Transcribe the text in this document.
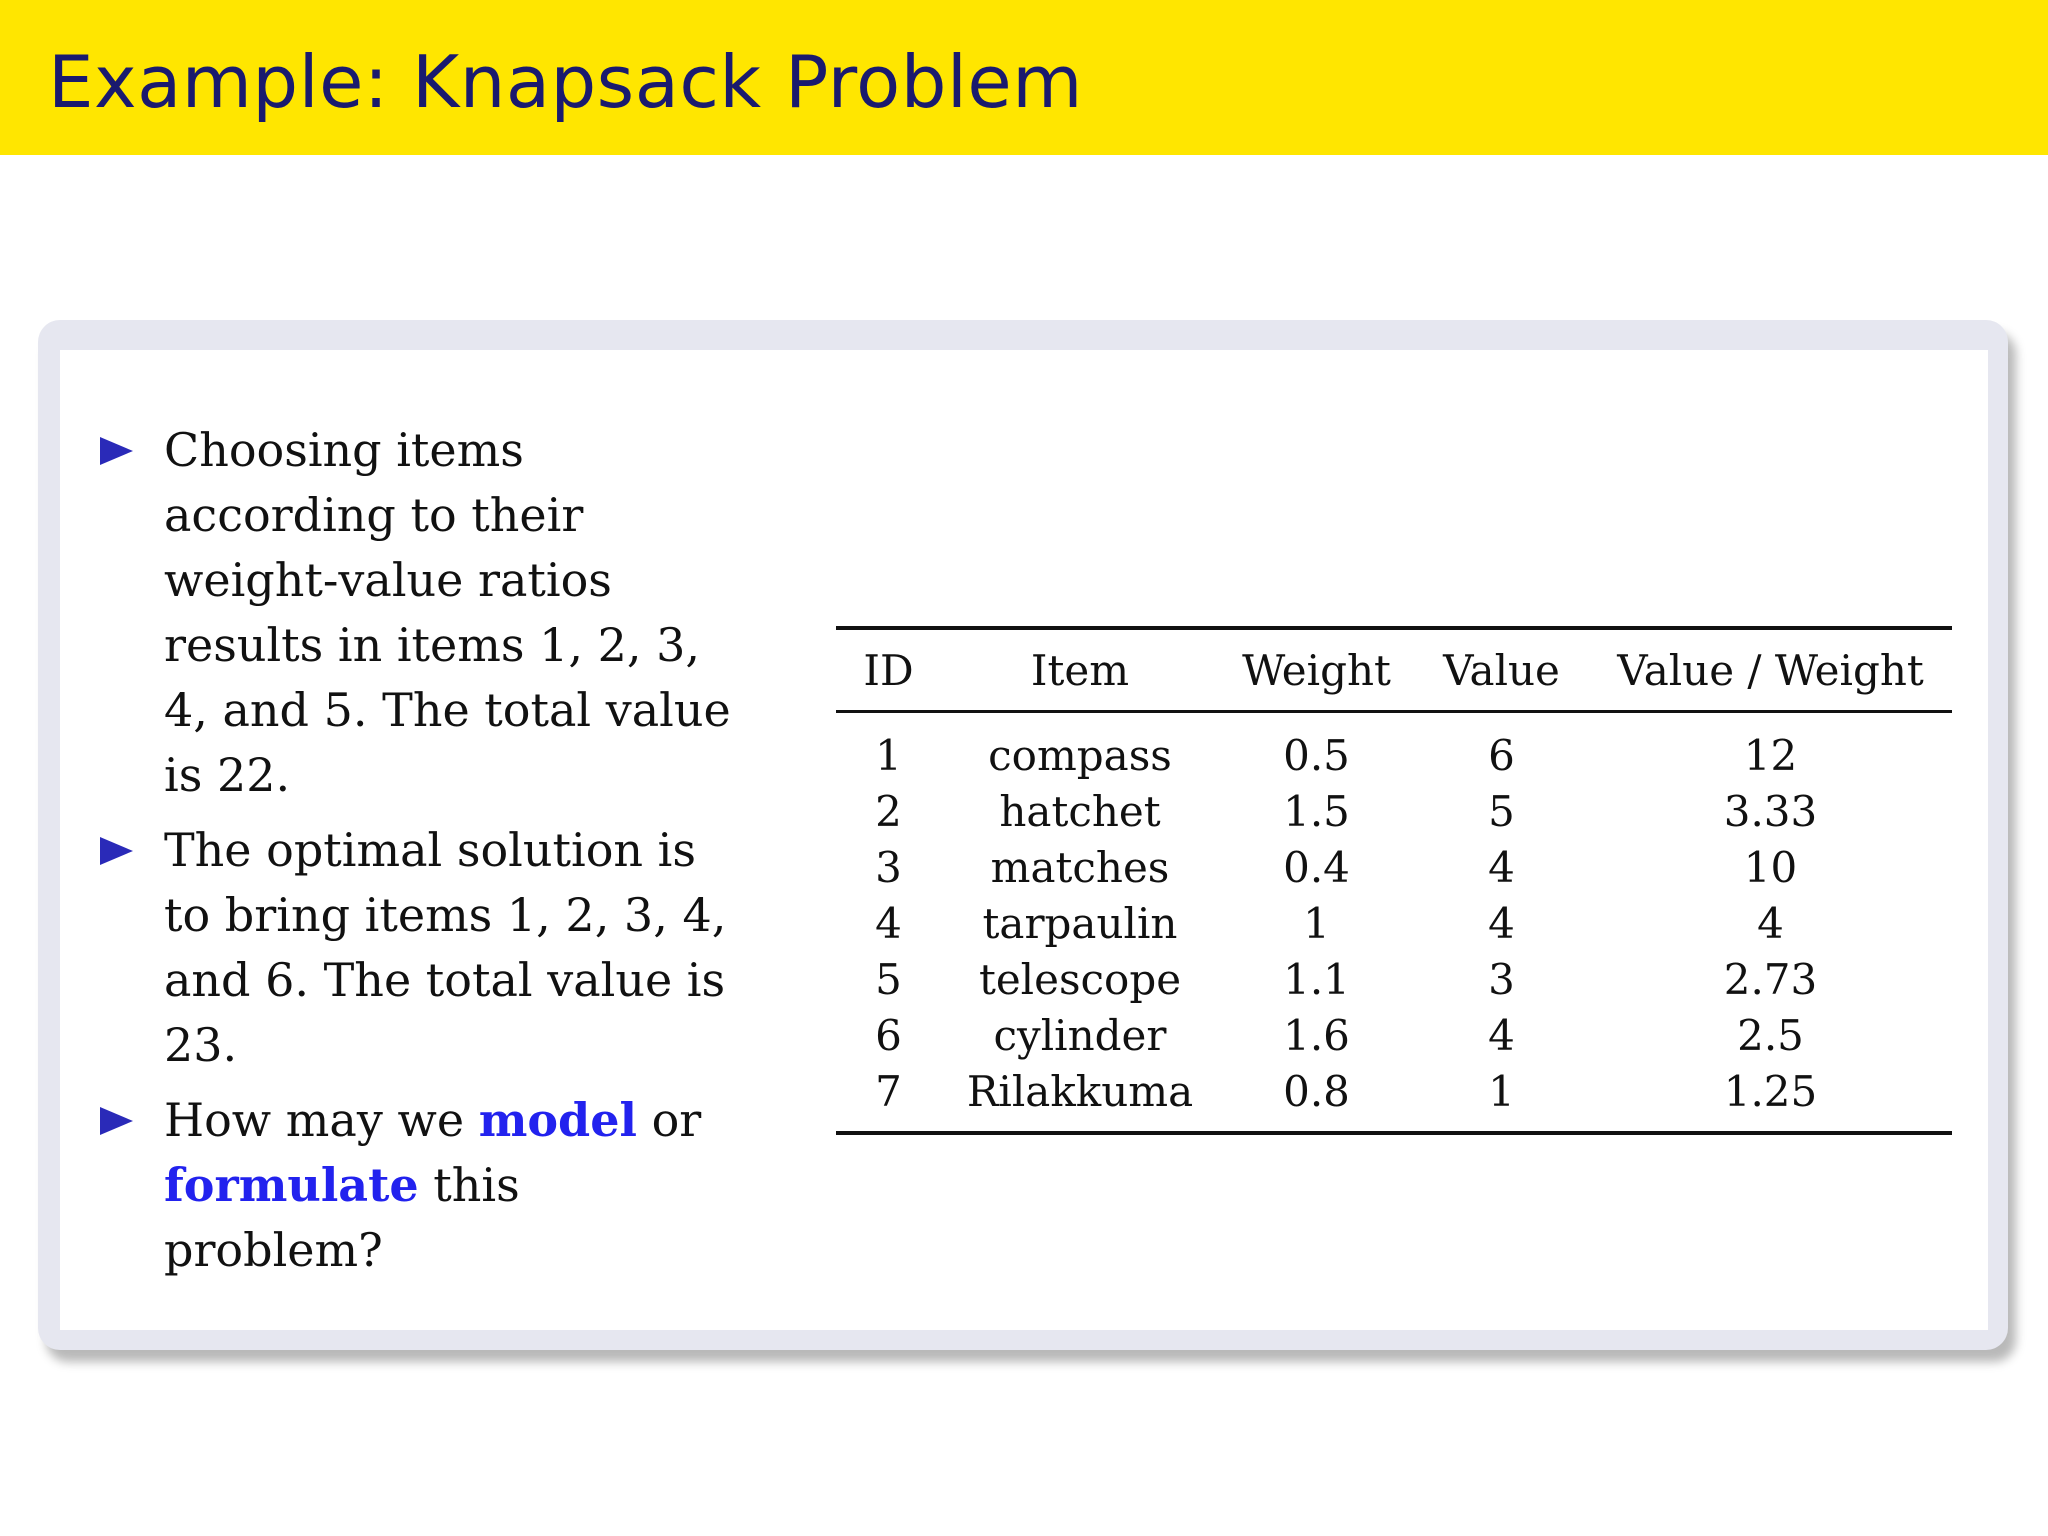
Example: Knapsack Problem
Choosing items according to their weight-value ratios results in items 1, 2, 3, 4, and 5. The total value is 22.
The optimal solution is to bring items 1, 2, 3, 4, and 6. The total value is 23.
How may we model or formulate this problem?
ID	Item	Weight	Value	Value / Weight
1	compass	0.5	6	12
2	hatchet	1.5	5	3.33
3	matches	0.4	4	10
4	tarpaulin	1	4	4
5	telescope	1.1	3	2.73
6	cylinder	1.6	4	2.5
7	Rilakkuma	0.8	1	1.25
